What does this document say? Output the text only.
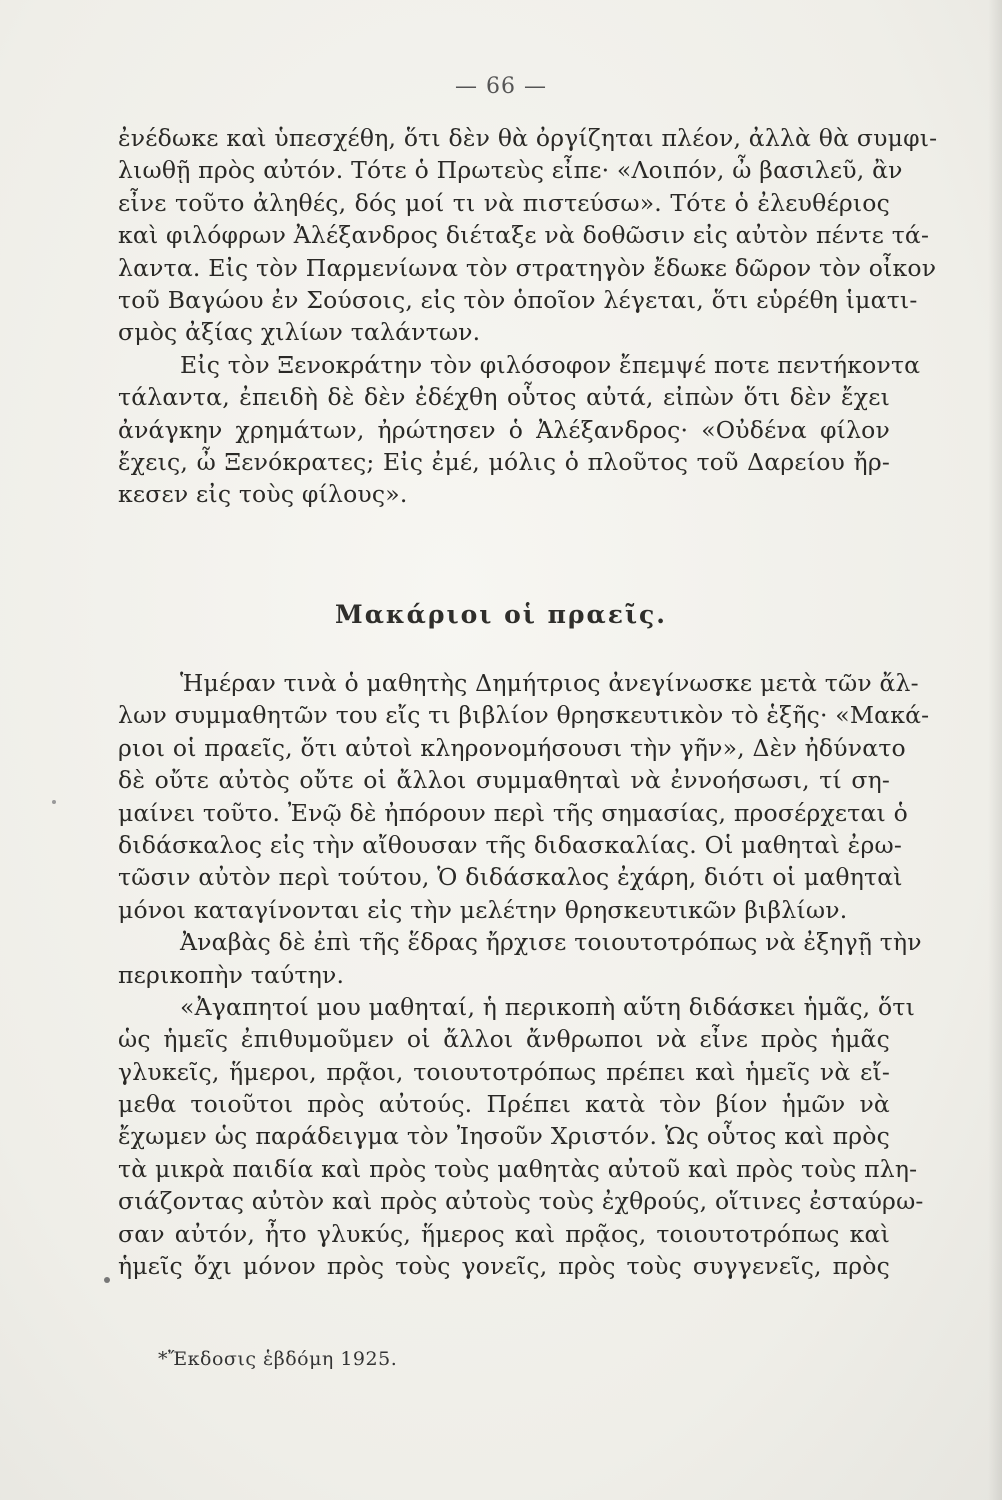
— 66 —
ἐνέδωκε καὶ ὑπεσχέθη, ὅτι δὲν θὰ ὀργίζηται πλέον, ἀλλὰ θὰ συμφι-
λιωθῇ πρὸς αὐτόν. Τότε ὁ Πρωτεὺς εἶπε· «Λοιπόν, ὦ βασιλεῦ, ἂν
εἶνε τοῦτο ἀληθές, δός μοί τι νὰ πιστεύσω». Τότε ὁ ἐλευθέριος
καὶ φιλόφρων Ἀλέξανδρος διέταξε νὰ δοθῶσιν εἰς αὐτὸν πέντε τά-
λαντα. Εἰς τὸν Παρμενίωνα τὸν στρατηγὸν ἔδωκε δῶρον τὸν οἶκον
τοῦ Βαγώου ἐν Σούσοις, εἰς τὸν ὁποῖον λέγεται, ὅτι εὑρέθη ἱματι-
σμὸς ἀξίας χιλίων ταλάντων.
Εἰς τὸν Ξενοκράτην τὸν φιλόσοφον ἔπεμψέ ποτε πεντήκοντα
τάλαντα, ἐπειδὴ δὲ δὲν ἐδέχθη οὗτος αὐτά, εἰπὼν ὅτι δὲν ἔχει
ἀνάγκην χρημάτων, ἠρώτησεν ὁ Ἀλέξανδρος· «Οὐδένα φίλον
ἔχεις, ὦ Ξενόκρατες; Εἰς ἐμέ, μόλις ὁ πλοῦτος τοῦ Δαρείου ἤρ-
κεσεν εἰς τοὺς φίλους».
Μακάριοι οἱ πραεῖς.
Ἡμέραν τινὰ ὁ μαθητὴς Δημήτριος ἀνεγίνωσκε μετὰ τῶν ἄλ-
λων συμμαθητῶν του εἴς τι βιβλίον θρησκευτικὸν τὸ ἑξῆς· «Μακά-
ριοι οἱ πραεῖς, ὅτι αὐτοὶ κληρονομήσουσι τὴν γῆν», Δὲν ἠδύνατο
δὲ οὔτε αὐτὸς οὔτε οἱ ἄλλοι συμμαθηταὶ νὰ ἐννοήσωσι, τί ση-
μαίνει τοῦτο. Ἐνῷ δὲ ἠπόρουν περὶ τῆς σημασίας, προσέρχεται ὁ
διδάσκαλος εἰς τὴν αἴθουσαν τῆς διδασκαλίας. Οἱ μαθηταὶ ἐρω-
τῶσιν αὐτὸν περὶ τούτου, Ὁ διδάσκαλος ἐχάρη, διότι οἱ μαθηταὶ
μόνοι καταγίνονται εἰς τὴν μελέτην θρησκευτικῶν βιβλίων.
Ἀναβὰς δὲ ἐπὶ τῆς ἕδρας ἤρχισε τοιουτοτρόπως νὰ ἐξηγῇ τὴν
περικοπὴν ταύτην.
«Ἀγαπητοί μου μαθηταί, ἡ περικοπὴ αὕτη διδάσκει ἡμᾶς, ὅτι
ὡς ἡμεῖς ἐπιθυμοῦμεν οἱ ἄλλοι ἄνθρωποι νὰ εἶνε πρὸς ἡμᾶς
γλυκεῖς, ἥμεροι, πρᾷοι, τοιουτοτρόπως πρέπει καὶ ἡμεῖς νὰ εἴ-
μεθα τοιοῦτοι πρὸς αὐτούς. Πρέπει κατὰ τὸν βίον ἡμῶν νὰ
ἔχωμεν ὡς παράδειγμα τὸν Ἰησοῦν Χριστόν. Ὡς οὗτος καὶ πρὸς
τὰ μικρὰ παιδία καὶ πρὸς τοὺς μαθητὰς αὐτοῦ καὶ πρὸς τοὺς πλη-
σιάζοντας αὐτὸν καὶ πρὸς αὐτοὺς τοὺς ἐχθρούς, οἵτινες ἐσταύρω-
σαν αὐτόν, ἦτο γλυκύς, ἥμερος καὶ πρᾷος, τοιουτοτρόπως καὶ
ἡμεῖς ὄχι μόνον πρὸς τοὺς γονεῖς, πρὸς τοὺς συγγενεῖς, πρὸς
*Ἔκδοσις ἑβδόμη 1925.
